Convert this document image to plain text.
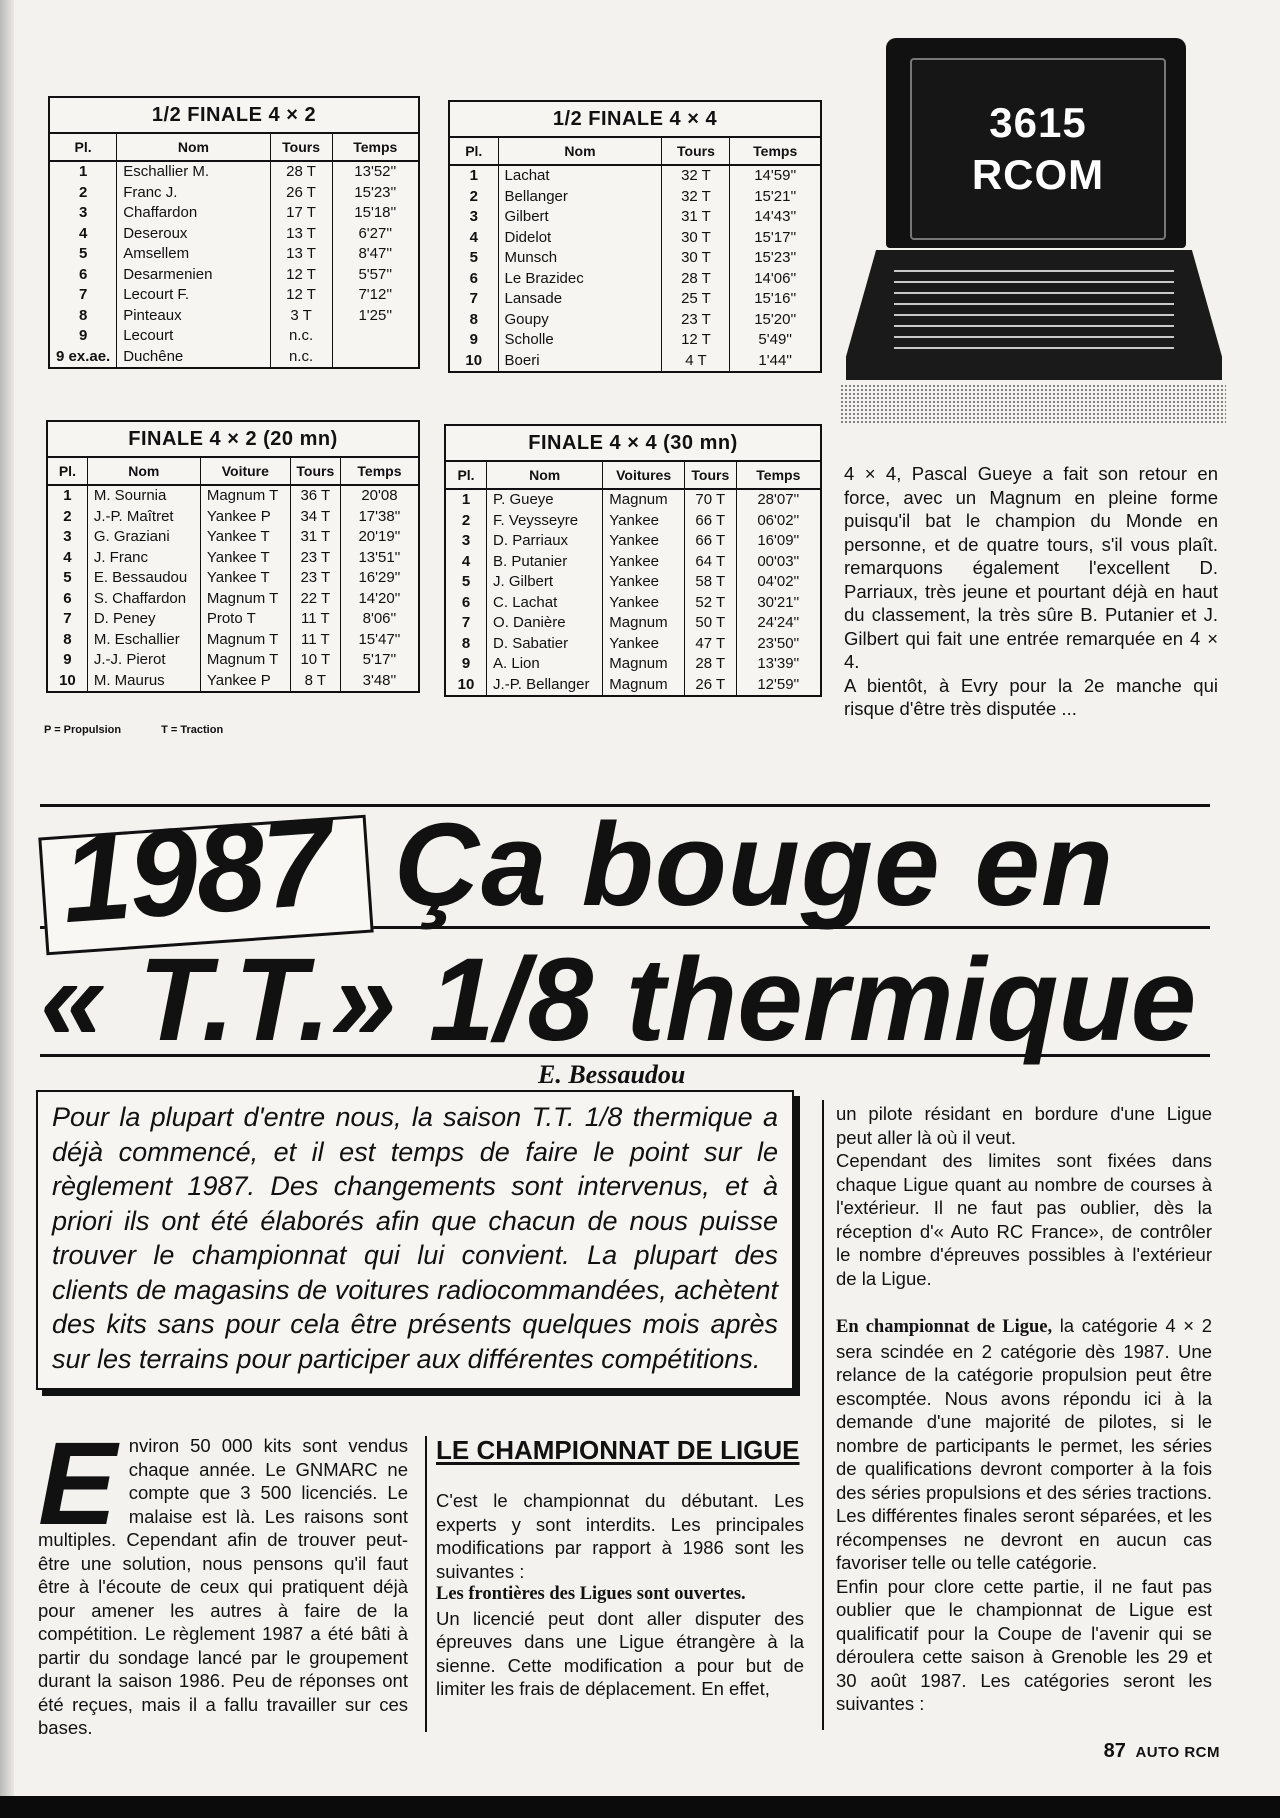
1/2 FINALE 4 × 2
Pl.	Nom	Tours	Temps
1	Eschallier M.	28 T	13'52''
2	Franc J.	26 T	15'23''
3	Chaffardon	17 T	15'18''
4	Deseroux	13 T	6'27''
5	Amsellem	13 T	8'47''
6	Desarmenien	12 T	5'57''
7	Lecourt F.	12 T	7'12''
8	Pinteaux	3 T	1'25''
9	Lecourt	n.c.	
9 ex.ae.	Duchêne	n.c.	
1/2 FINALE 4 × 4
Pl.	Nom	Tours	Temps
1	Lachat	32 T	14'59''
2	Bellanger	32 T	15'21''
3	Gilbert	31 T	14'43''
4	Didelot	30 T	15'17''
5	Munsch	30 T	15'23''
6	Le Brazidec	28 T	14'06''
7	Lansade	25 T	15'16''
8	Goupy	23 T	15'20''
9	Scholle	12 T	5'49''
10	Boeri	4 T	1'44''
FINALE 4 × 2 (20 mn)
Pl.	Nom	Voiture	Tours	Temps
1	M. Sournia	Magnum T	36 T	20'08
2	J.-P. Maîtret	Yankee P	34 T	17'38''
3	G. Graziani	Yankee T	31 T	20'19''
4	J. Franc	Yankee T	23 T	13'51''
5	E. Bessaudou	Yankee T	23 T	16'29''
6	S. Chaffardon	Magnum T	22 T	14'20''
7	D. Peney	Proto T	11 T	8'06''
8	M. Eschallier	Magnum T	11 T	15'47''
9	J.-J. Pierot	Magnum T	10 T	5'17''
10	M. Maurus	Yankee P	8 T	3'48''
FINALE 4 × 4 (30 mn)
Pl.	Nom	Voitures	Tours	Temps
1	P. Gueye	Magnum	70 T	28'07''
2	F. Veysseyre	Yankee	66 T	06'02''
3	D. Parriaux	Yankee	66 T	16'09''
4	B. Putanier	Yankee	64 T	00'03''
5	J. Gilbert	Yankee	58 T	04'02''
6	C. Lachat	Yankee	52 T	30'21''
7	O. Danière	Magnum	50 T	24'24''
8	D. Sabatier	Yankee	47 T	23'50''
9	A. Lion	Magnum	28 T	13'39''
10	J.-P. Bellanger	Magnum	26 T	12'59''
P = Propulsion	T = Traction
3615
RCOM

4 × 4, Pascal Gueye a fait son retour en force, avec un Magnum en pleine forme puisqu'il bat le champion du Monde en personne, et de quatre tours, s'il vous plaît. remarquons également l'excellent D. Parriaux, très jeune et pourtant déjà en haut du classement, la très sûre B. Putanier et J. Gilbert qui fait une entrée remarquée en 4 × 4.

A bientôt, à Evry pour la 2e manche qui risque d'être très disputée ...

1987 Ça bouge en
« T.T.» 1/8 thermique
E. Bessaudou
Pour la plupart d'entre nous, la saison T.T. 1/8 thermique a déjà commencé, et il est temps de faire le point sur le règlement 1987. Des changements sont intervenus, et à priori ils ont été élaborés afin que chacun de nous puisse trouver le championnat qui lui convient. La plupart des clients de magasins de voitures radiocommandées, achètent des kits sans pour cela être présents quelques mois après sur les terrains pour participer aux différentes compétitions.
E nviron 50 000 kits sont vendus chaque année. Le GNMARC ne compte que 3 500 licenciés. Le malaise est là. Les raisons sont multiples. Cependant afin de trouver peut-être une solution, nous pensons qu'il faut être à l'écoute de ceux qui pratiquent déjà pour amener les autres à faire de la compétition. Le règlement 1987 a été bâti à partir du sondage lancé par le groupement durant la saison 1986. Peu de réponses ont été reçues, mais il a fallu travailler sur ces bases.

LE CHAMPIONNAT DE LIGUE

C'est le championnat du débutant. Les experts y sont interdits. Les principales modifications par rapport à 1986 sont les suivantes :

Les frontières des Ligues sont ouvertes.

Un licencié peut dont aller disputer des épreuves dans une Ligue étrangère à la sienne. Cette modification a pour but de limiter les frais de déplacement. En effet,

un pilote résidant en bordure d'une Ligue peut aller là où il veut.

Cependant des limites sont fixées dans chaque Ligue quant au nombre de courses à l'extérieur. Il ne faut pas oublier, dès la réception d'« Auto RC France», de contrôler le nombre d'épreuves possibles à l'extérieur de la Ligue.

En championnat de Ligue, la catégorie 4 × 2 sera scindée en 2 catégorie dès 1987. Une relance de la catégorie propulsion peut être escomptée. Nous avons répondu ici à la demande d'une majorité de pilotes, si le nombre de participants le permet, les séries de qualifications devront comporter à la fois des séries propulsions et des séries tractions. Les différentes finales seront séparées, et les récompenses ne devront en aucun cas favoriser telle ou telle catégorie.

Enfin pour clore cette partie, il ne faut pas oublier que le championnat de Ligue est qualificatif pour la Coupe de l'avenir qui se déroulera cette saison à Grenoble les 29 et 30 août 1987. Les catégories seront les suivantes :

87 AUTO RCM
